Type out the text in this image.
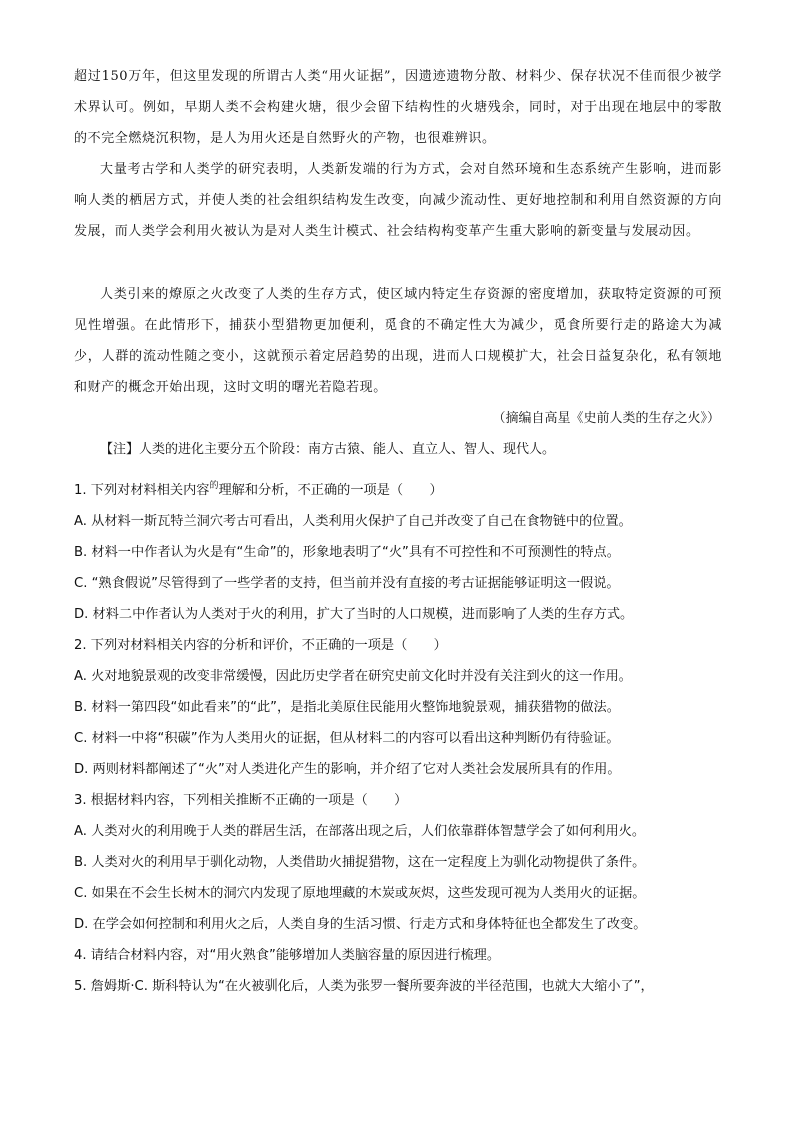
超过150万年，但这里发现的所谓古人类“用火证据”，因遗迹遗物分散、材料少、保存状况不佳而很少被学术界认可。例如，早期人类不会构建火塘，很少会留下结构性的火塘残余，同时，对于出现在地层中的零散的不完全燃烧沉积物，是人为用火还是自然野火的产物，也很难辨识。

大量考古学和人类学的研究表明，人类新发端的行为方式，会对自然环境和生态系统产生影响，进而影响人类的栖居方式，并使人类的社会组织结构发生改变，向减少流动性、更好地控制和利用自然资源的方向发展，而人类学会利用火被认为是对人类生计模式、社会结构构变革产生重大影响的新变量与发展动因。

人类引来的燎原之火改变了人类的生存方式，使区域内特定生存资源的密度增加，获取特定资源的可预见性增强。在此情形下，捕获小型猎物更加便利，觅食的不确定性大为减少，觅食所要行走的路途大为减少，人群的流动性随之变小，这就预示着定居趋势的出现，进而人口规模扩大，社会日益复杂化，私有领地和财产的概念开始出现，这时文明的曙光若隐若现。

（摘编自高星《史前人类的生存之火》）

【注】人类的进化主要分五个阶段：南方古猿、能人、直立人、智人、现代人。

1. 下列对材料相关内容$^的$理解和分析，不正确的一项是（　　）

A. 从材料一斯瓦特兰洞穴考古可看出，人类利用火保护了自己并改变了自己在食物链中的位置。

B. 材料一中作者认为火是有“生命”的，形象地表明了“火”具有不可控性和不可预测性的特点。

C. “熟食假说”尽管得到了一些学者的支持，但当前并没有直接的考古证据能够证明这一假说。

D. 材料二中作者认为人类对于火的利用，扩大了当时的人口规模，进而影响了人类的生存方式。

2. 下列对材料相关内容的分析和评价，不正确的一项是（　　）

A. 火对地貌景观的改变非常缓慢，因此历史学者在研究史前文化时并没有关注到火的这一作用。

B. 材料一第四段“如此看来”的“此”，是指北美原住民能用火整饰地貌景观，捕获猎物的做法。

C. 材料一中将“积碳”作为人类用火的证据，但从材料二的内容可以看出这种判断仍有待验证。

D. 两则材料都阐述了“火”对人类进化产生的影响，并介绍了它对人类社会发展所具有的作用。

3. 根据材料内容，下列相关推断不正确的一项是（　　）

A. 人类对火的利用晚于人类的群居生活，在部落出现之后，人们依靠群体智慧学会了如何利用火。

B. 人类对火的利用早于驯化动物，人类借助火捕捉猎物，这在一定程度上为驯化动物提供了条件。

C. 如果在不会生长树木的洞穴内发现了原地埋藏的木炭或灰烬，这些发现可视为人类用火的证据。

D. 在学会如何控制和利用火之后，人类自身的生活习惯、行走方式和身体特征也全都发生了改变。

4. 请结合材料内容，对“用火熟食”能够增加人类脑容量的原因进行梳理。

5. 詹姆斯·C. 斯科特认为“在火被驯化后，人类为张罗一餐所要奔波的半径范围，也就大大缩小了”，
